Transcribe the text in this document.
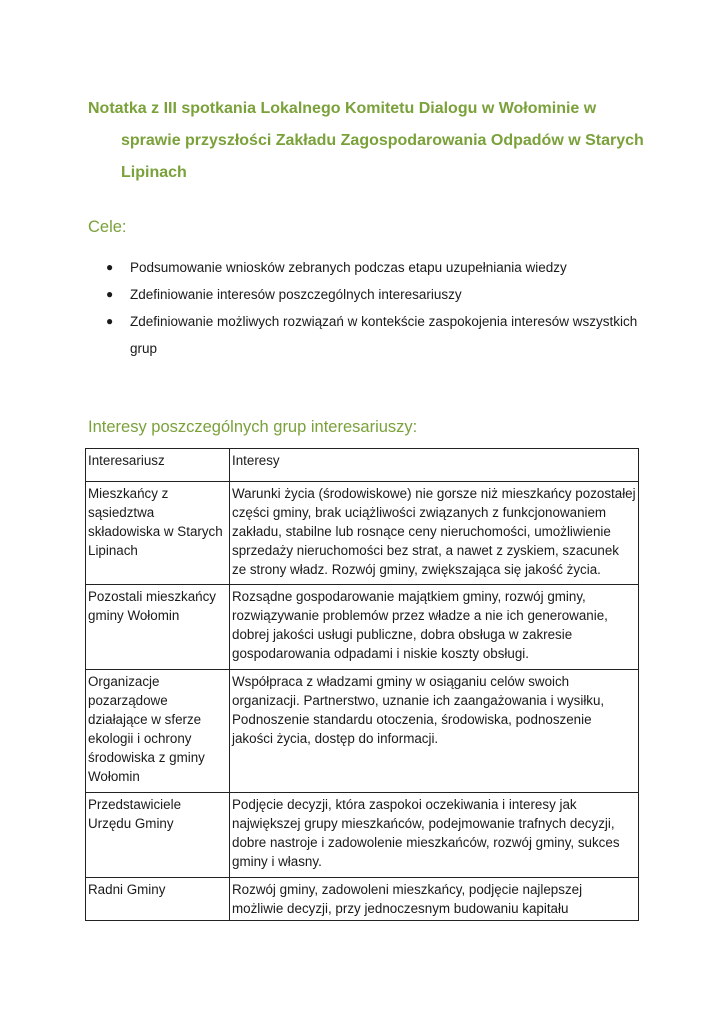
Notatka z III spotkania Lokalnego Komitetu Dialogu w Wołominie w
sprawie przyszłości Zakładu Zagospodarowania Odpadów w Starych
Lipinach
Cele:
● Podsumowanie wniosków zebranych podczas etapu uzupełniania wiedzy
● Zdefiniowanie interesów poszczególnych interesariuszy
● Zdefiniowanie możliwych rozwiązań w kontekście zaspokojenia interesów wszystkich grup
Interesy poszczególnych grup interesariuszy:
Interesariusz	Interesy
Mieszkańcy z sąsiedztwa składowiska w Starych Lipinach	Warunki życia (środowiskowe) nie gorsze niż mieszkańcy pozostałej części gminy, brak uciążliwości związanych z funkcjonowaniem zakładu, stabilne lub rosnące ceny nieruchomości, umożliwienie sprzedaży nieruchomości bez strat, a nawet z zyskiem, szacunek ze strony władz. Rozwój gminy, zwiększająca się jakość życia.
Pozostali mieszkańcy gminy Wołomin	Rozsądne gospodarowanie majątkiem gminy, rozwój gminy, rozwiązywanie problemów przez władze a nie ich generowanie, dobrej jakości usługi publiczne, dobra obsługa w zakresie gospodarowania odpadami i niskie koszty obsługi.
Organizacje pozarządowe działające w sferze ekologii i ochrony środowiska z gminy Wołomin	Współpraca z władzami gminy w osiąganiu celów swoich organizacji. Partnerstwo, uznanie ich zaangażowania i wysiłku, Podnoszenie standardu otoczenia, środowiska, podnoszenie jakości życia, dostęp do informacji.
Przedstawiciele Urzędu Gminy	Podjęcie decyzji, która zaspokoi oczekiwania i interesy jak największej grupy mieszkańców, podejmowanie trafnych decyzji, dobre nastroje i zadowolenie mieszkańców, rozwój gminy, sukces gminy i własny.
Radni Gminy	Rozwój gminy, zadowoleni mieszkańcy, podjęcie najlepszej możliwie decyzji, przy jednoczesnym budowaniu kapitału
